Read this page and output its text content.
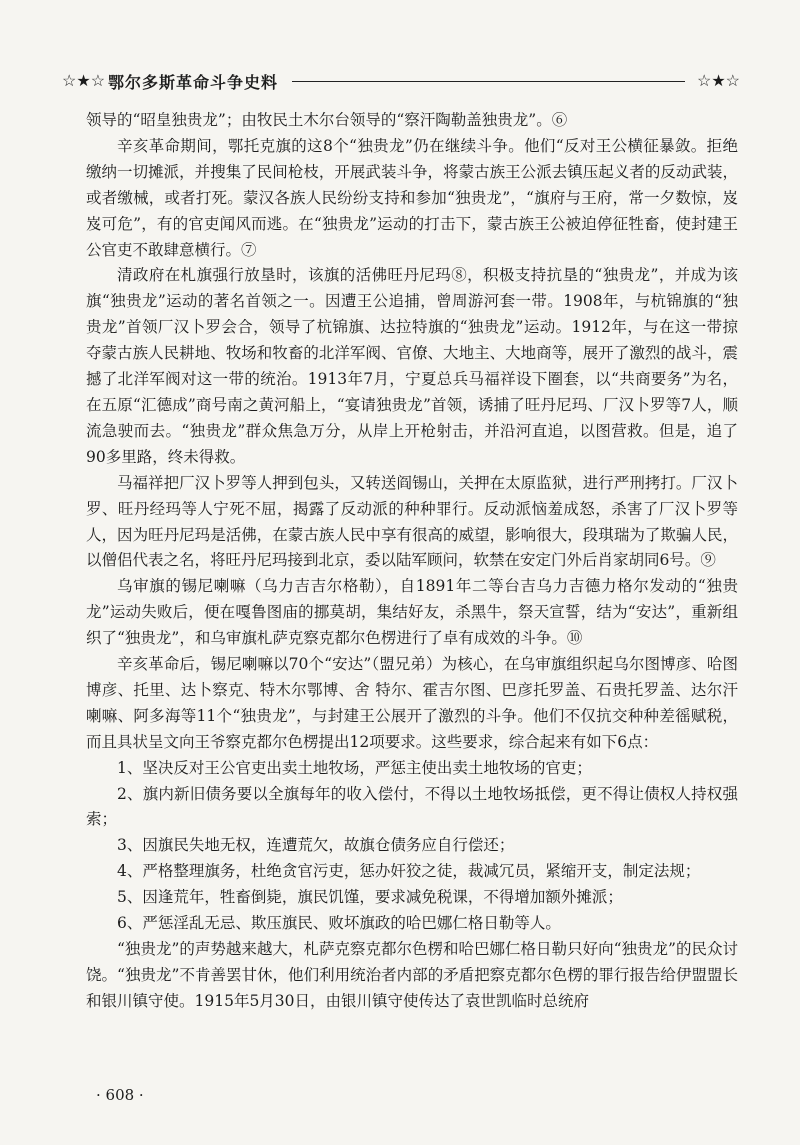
☆★☆ 鄂尔多斯革命斗争史料	☆★☆

领导的“昭皇独贵龙”；由牧民土木尔台领导的“察汗陶勒盖独贵龙”。⑥

辛亥革命期间，鄂托克旗的这8个“独贵龙”仍在继续斗争。他们“反对王公横征暴敛。拒绝缴纳一切摊派，并搜集了民间枪枝，开展武装斗争，将蒙古族王公派去镇压起义者的反动武装，或者缴械，或者打死。蒙汉各族人民纷纷支持和参加“独贵龙”，“旗府与王府，常一夕数惊，岌岌可危”，有的官吏闻风而逃。在“独贵龙”运动的打击下，蒙古族王公被迫停征牲畜，使封建王公官吏不敢肆意横行。⑦

清政府在札旗强行放垦时，该旗的活佛旺丹尼玛⑧，积极支持抗垦的“独贵龙”，并成为该旗“独贵龙”运动的著名首领之一。因遭王公追捕，曾周游河套一带。1908年，与杭锦旗的“独贵龙”首领厂汉卜罗会合，领导了杭锦旗、达拉特旗的“独贵龙”运动。1912年，与在这一带掠夺蒙古族人民耕地、牧场和牧畜的北洋军阀、官僚、大地主、大地商等，展开了激烈的战斗，震撼了北洋军阀对这一带的统治。1913年7月，宁夏总兵马福祥设下圈套，以“共商要务”为名，在五原“汇德成”商号南之黄河船上，“宴请独贵龙”首领，诱捕了旺丹尼玛、厂汉卜罗等7人，顺流急驶而去。“独贵龙”群众焦急万分，从岸上开枪射击，并沿河直追，以图营救。但是，追了90多里路，终未得救。

马福祥把厂汉卜罗等人押到包头，又转送阎锡山，关押在太原监狱，进行严刑拷打。厂汉卜罗、旺丹经玛等人宁死不屈，揭露了反动派的种种罪行。反动派恼羞成怒，杀害了厂汉卜罗等人，因为旺丹尼玛是活佛，在蒙古族人民中享有很高的威望，影响很大，段琪瑞为了欺骗人民，以僧侣代表之名，将旺丹尼玛接到北京，委以陆军顾问，软禁在安定门外后肖家胡同6号。⑨

乌审旗的锡尼喇嘛（乌力吉吉尔格勒），自1891年二等台吉乌力吉德力格尔发动的“独贵龙”运动失败后，便在嘎鲁图庙的挪莫胡，集结好友，杀黑牛，祭天宣誓，结为“安达”，重新组织了“独贵龙”，和乌审旗札萨克察克都尔色楞进行了卓有成效的斗争。⑩

辛亥革命后，锡尼喇嘛以70个“安达”（盟兄弟）为核心，在乌审旗组织起乌尔图博彦、哈图博彦、托里、达卜察克、特木尔鄂博、舍 特尔、霍吉尔图、巴彦托罗盖、石贵托罗盖、达尔汗喇嘛、阿多海等11个“独贵龙”，与封建王公展开了激烈的斗争。他们不仅抗交种种差徭赋税，而且具状呈文向王爷察克都尔色楞提出12项要求。这些要求，综合起来有如下6点：

1、坚决反对王公官吏出卖土地牧场，严惩主使出卖土地牧场的官吏；

2、旗内新旧债务要以全旗每年的收入偿付，不得以土地牧场抵偿，更不得让债权人持权强索；

3、因旗民失地无权，连遭荒欠，故旗仓债务应自行偿还；

4、严格整理旗务，杜绝贪官污吏，惩办奸狡之徒，裁减冗员，紧缩开支，制定法规；

5、因逢荒年，牲畜倒毙，旗民饥馑，要求减免税课，不得增加额外摊派；

6、严惩淫乱无忌、欺压旗民、败坏旗政的哈巴娜仁格日勒等人。

“独贵龙”的声势越来越大，札萨克察克都尔色楞和哈巴娜仁格日勒只好向“独贵龙”的民众讨饶。“独贵龙”不肯善罢甘休，他们利用统治者内部的矛盾把察克都尔色楞的罪行报告给伊盟盟长和银川镇守使。1915年5月30日，由银川镇守使传达了袁世凯临时总统府

· 608 ·
